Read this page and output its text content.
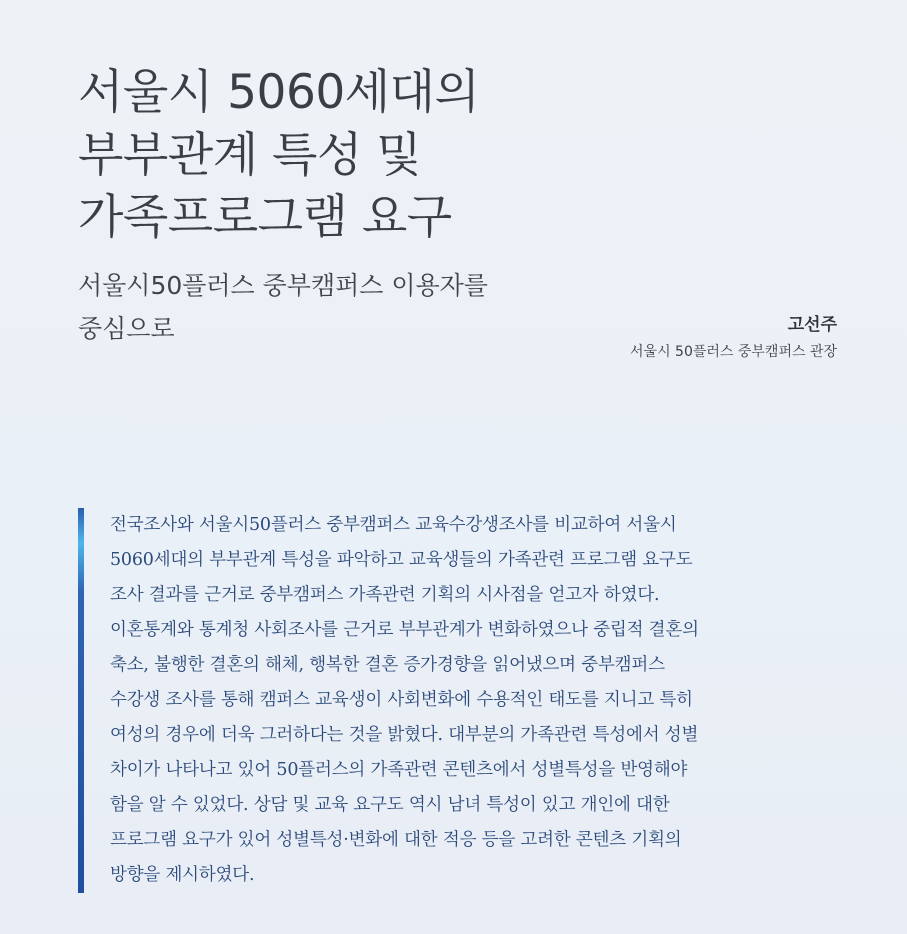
서울시 5060세대의
부부관계 특성 및
가족프로그램 요구

서울시50플러스 중부캠퍼스 이용자를
중심으로	고선주

서울시 50플러스 중부캠퍼스 관장

전국조사와 서울시50플러스 중부캠퍼스 교육수강생조사를 비교하여 서울시
5060세대의 부부관계 특성을 파악하고 교육생들의 가족관련 프로그램 요구도
조사 결과를 근거로 중부캠퍼스 가족관련 기획의 시사점을 얻고자 하였다.
이혼통계와 통계청 사회조사를 근거로 부부관계가 변화하였으나 중립적 결혼의
축소, 불행한 결혼의 해체, 행복한 결혼 증가경향을 읽어냈으며 중부캠퍼스
수강생 조사를 통해 캠퍼스 교육생이 사회변화에 수용적인 태도를 지니고 특히
여성의 경우에 더욱 그러하다는 것을 밝혔다. 대부분의 가족관련 특성에서 성별
차이가 나타나고 있어 50플러스의 가족관련 콘텐츠에서 성별특성을 반영해야
함을 알 수 있었다. 상담 및 교육 요구도 역시 남녀 특성이 있고 개인에 대한
프로그램 요구가 있어 성별특성·변화에 대한 적응 등을 고려한 콘텐츠 기획의
방향을 제시하였다.
